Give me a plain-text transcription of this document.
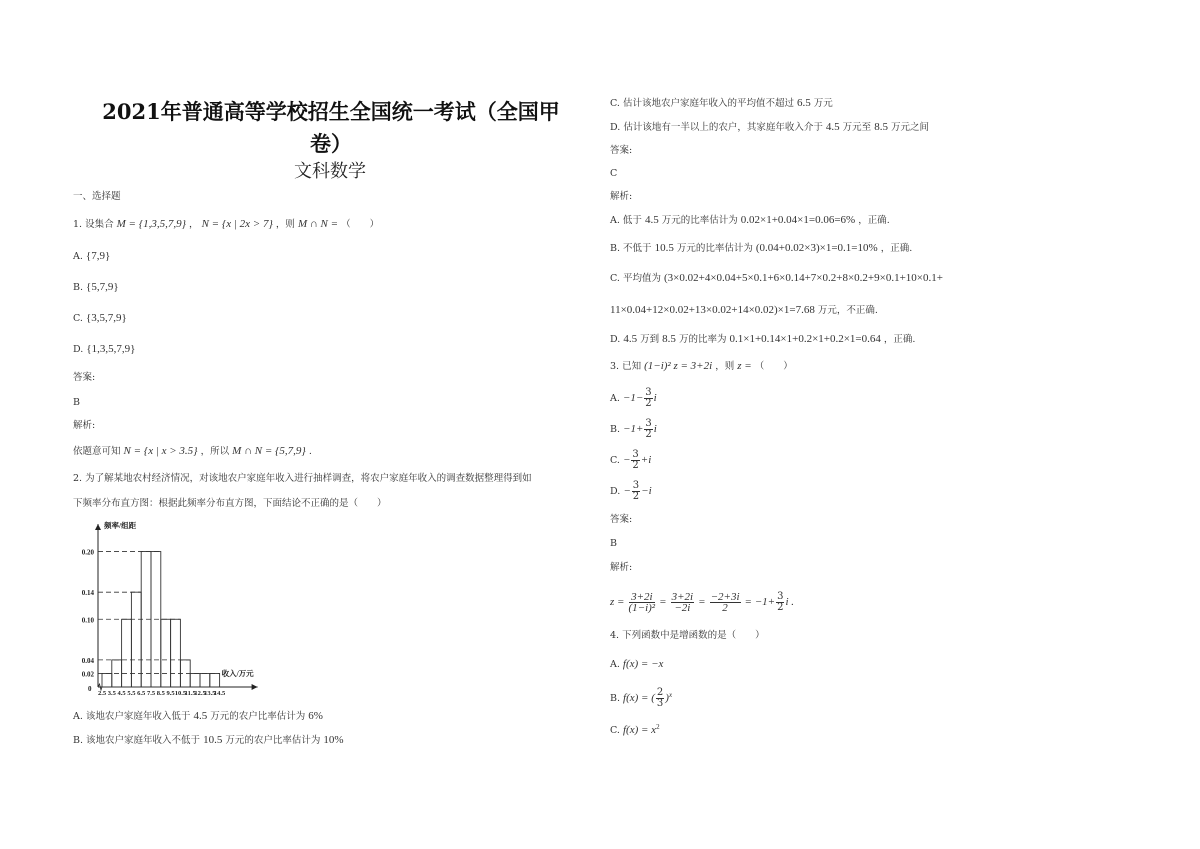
2021年普通高等学校招生全国统一考试（全国甲
卷）
文科数学
一、选择题
1. 设集合 M = {1,3,5,7,9} ， N = {x | 2x > 7} ，则 M ∩ N = （　　）
A. {7,9}
B. {5,7,9}
C. {3,5,7,9}
D. {1,3,5,7,9}
答案:
B
解析:
依题意可知 N = {x | x > 3.5} ，所以 M ∩ N = {5,7,9} .
2. 为了解某地农村经济情况，对该地农户家庭年收入进行抽样调查，将农户家庭年收入的调查数据整理得到如
下频率分布直方图：根据此频率分布直方图，下面结论不正确的是（　　）
0.02
0.04
0.10
0.14
0.20
2.5 3.5 4.5 5.5 6.5 7.5 8.5 9.5 10.5
11.5
12.5
13.5
14.5
0
频率/组距
收入/万元
A. 该地农户家庭年收入低于 4.5 万元的农户比率估计为 6%
B. 该地农户家庭年收入不低于 10.5 万元的农户比率估计为 10%
C. 估计该地农户家庭年收入的平均值不超过 6.5 万元
D. 估计该地有一半以上的农户，其家庭年收入介于 4.5 万元至 8.5 万元之间
答案:
C
解析:
A. 低于 4.5 万元的比率估计为 0.02×1+0.04×1=0.06=6% ，正确.
B. 不低于 10.5 万元的比率估计为 (0.04+0.02×3)×1=0.1=10% ，正确.
C. 平均值为 (3×0.02+4×0.04+5×0.1+6×0.14+7×0.2+8×0.2+9×0.1+10×0.1+
11×0.04+12×0.02+13×0.02+14×0.02)×1=7.68 万元，不正确.
D. 4.5 万到 8.5 万的比率为 0.1×1+0.14×1+0.2×1+0.2×1=0.64 ，正确.
3. 已知 (1−i)² z = 3+2i ，则 z = （　　）
A. $-1- \frac{3}{2}$ i
B. $-1+ \frac{3}{2}$ i
C. − $\frac{3}{2} +i$
D. − $\frac{3}{2} -i$
答案:
B
解析:
$z = \frac{3+2i}{\text{(1−i)²}} = \frac{3+2i}{-2i} = \frac{-2+3i}{2} = -1+ \frac{3}{2}$ i .
4. 下列函数中是增函数的是（　　）
A. f(x) = −x
B. f(x) = ( $\frac{2}{3} )^x$
C. $f(x) = x^2$
